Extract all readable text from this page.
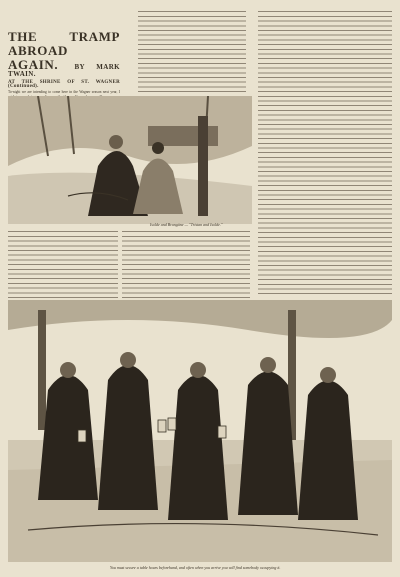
THE TRAMP ABROAD AGAIN. BY MARK TWAIN.
AT THE SHRINE OF ST. WAGNER (Continued).

To-night we are intending to come here in the Wagner season next year, I

Isolde and Brangäne — "Tristan and Isolde."
You must secure a table hours beforehand, and often when you arrive you will find somebody occupying it.
